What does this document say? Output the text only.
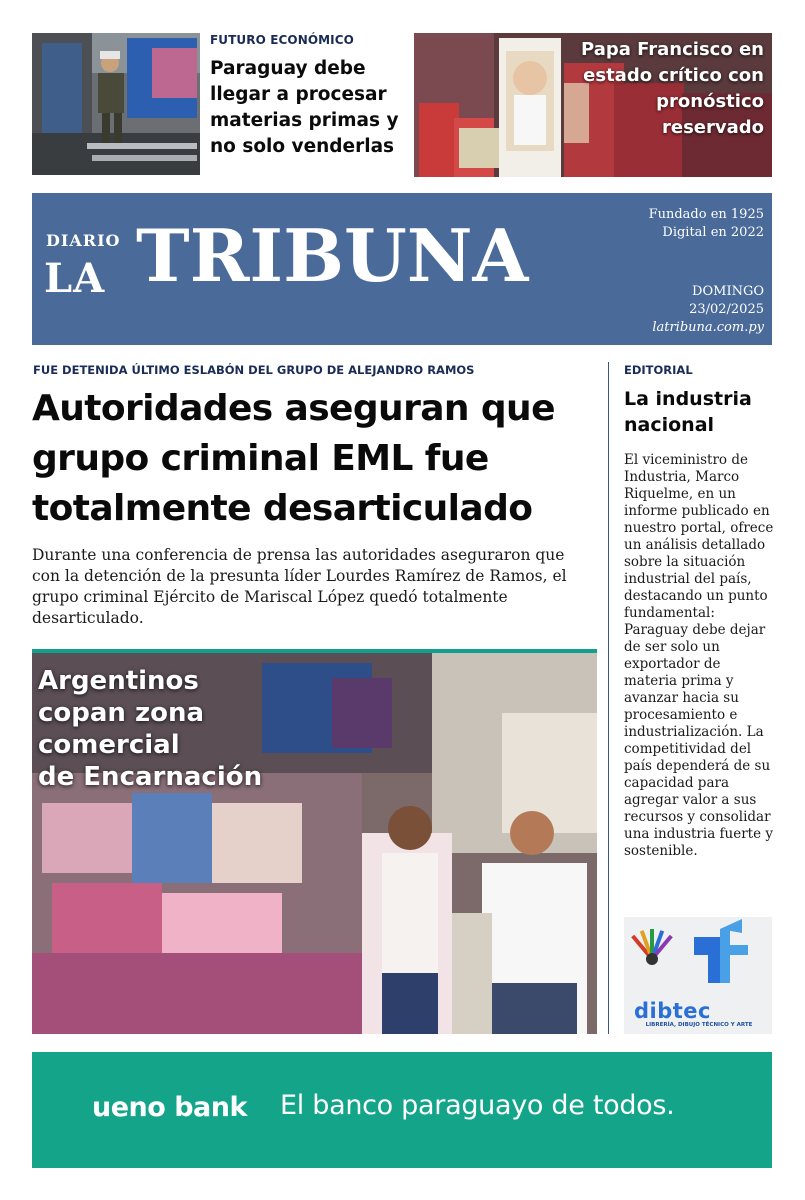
FUTURO ECONÓMICO
Paraguay debe llegar a procesar materias primas y no solo venderlas
Papa Francisco en estado crítico con pronóstico reservado
DIARIO
LA TRIBUNA	Fundado en 1925
Digital en 2022
DOMINGO
23/02/2025
latribuna.com.py
FUE DETENIDA ÚLTIMO ESLABÓN DEL GRUPO DE ALEJANDRO RAMOS
Autoridades aseguran que grupo criminal EML fue totalmente desarticulado
Durante una conferencia de prensa las autoridades aseguraron que con la detención de la presunta líder Lourdes Ramírez de Ramos, el grupo criminal Ejército de Mariscal López quedó totalmente desarticulado.
Argentinos
copan zona
comercial
de Encarnación
EDITORIAL
La industria nacional
El viceministro de Industria, Marco Riquelme, en un informe publicado en nuestro portal, ofrece un análisis detallado sobre la situación industrial del país, destacando un punto fundamental: Paraguay debe dejar de ser solo un exportador de materia prima y avanzar hacia su procesamiento e industrialización. La competitividad del país dependerá de su capacidad para agregar valor a sus recursos y consolidar una industria fuerte y sostenible.
dibtec
LIBRERÍA, DIBUJO TÉCNICO Y ARTE
ueno bank El banco paraguayo de todos.
